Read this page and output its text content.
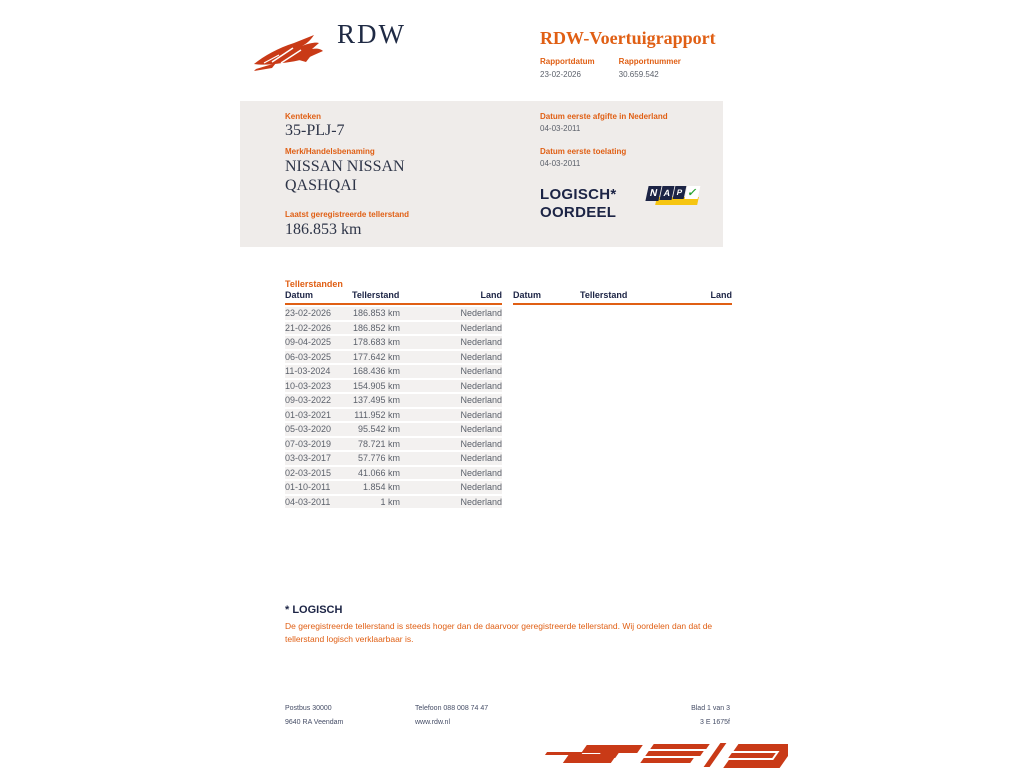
RDW	RDW-Voertuigrapport
Rapportdatum
23-02-2026
Rapportnummer
30.659.542
Kenteken
35-PLJ-7
Merk/Handelsbenaming
NISSAN NISSAN QASHQAI
Laatst geregistreerde tellerstand
186.853 km
Datum eerste afgifte in Nederland
04-03-2011
Datum eerste toelating
04-03-2011
LOGISCH*
OORDEEL
N A P ✓
Tellerstanden
Datum	Tellerstand	Land
23-02-2026	186.853 km	Nederland
21-02-2026	186.852 km	Nederland
09-04-2025	178.683 km	Nederland
06-03-2025	177.642 km	Nederland
11-03-2024	168.436 km	Nederland
10-03-2023	154.905 km	Nederland
09-03-2022	137.495 km	Nederland
01-03-2021	111.952 km	Nederland
05-03-2020	95.542 km	Nederland
07-03-2019	78.721 km	Nederland
03-03-2017	57.776 km	Nederland
02-03-2015	41.066 km	Nederland
01-10-2011	1.854 km	Nederland
04-03-2011	1 km	Nederland
Datum	Tellerstand	Land
* LOGISCH
De geregistreerde tellerstand is steeds hoger dan de daarvoor geregistreerde tellerstand. Wij oordelen dan dat de tellerstand logisch verklaarbaar is.
Postbus 30000
9640 RA Veendam
Telefoon 088 008 74 47
www.rdw.nl
Blad 1 van 3
3 E 1675f
